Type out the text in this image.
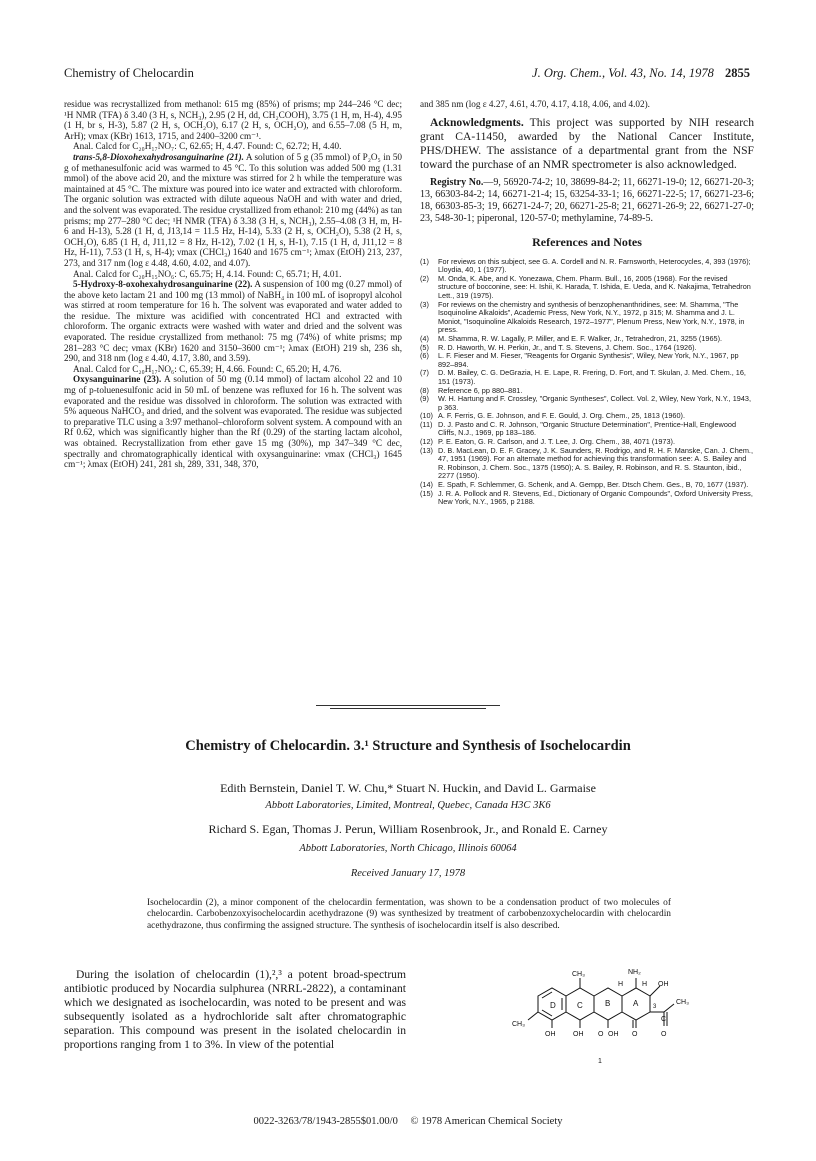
Chemistry of Chelocardin	J. Org. Chem., Vol. 43, No. 14, 1978 2855

residue was recrystallized from methanol: 615 mg (85%) of prisms; mp 244–246 °C dec; ¹H NMR (TFA) δ 3.40 (3 H, s, NCH₃), 2.95 (2 H, dd, CH₂COOH), 3.75 (1 H, m, H-4), 4.95 (1 H, br s, H-3), 5.87 (2 H, s, OCH₂O), 6.17 (2 H, s, OCH₂O), and 6.55–7.08 (5 H, m, ArH); νmax (KBr) 1613, 1715, and 2400–3200 cm⁻¹.

Anal. Calcd for C₂₀H₁₇NO₇: C, 62.65; H, 4.47. Found: C, 62.72; H, 4.40.

trans-5,8-Dioxohexahydrosanguinarine (21). A solution of 5 g (35 mmol) of P₂O₅ in 50 g of methanesulfonic acid was warmed to 45 °C. To this solution was added 500 mg (1.31 mmol) of the above acid 20, and the mixture was stirred for 2 h while the temperature was maintained at 45 °C. The mixture was poured into ice water and extracted with chloroform. The organic solution was extracted with dilute aqueous NaOH and with water and dried, and the solvent was evaporated. The residue crystallized from ethanol: 210 mg (44%) as tan prisms; mp 277–280 °C dec; ¹H NMR (TFA) δ 3.38 (3 H, s, NCH₃), 2.55–4.08 (3 H, m, H-6 and H-13), 5.28 (1 H, d, J13,14 = 11.5 Hz, H-14), 5.33 (2 H, s, OCH₂O), 5.38 (2 H, s, OCH₂O), 6.85 (1 H, d, J11,12 = 8 Hz, H-12), 7.02 (1 H, s, H-1), 7.15 (1 H, d, J11,12 = 8 Hz, H-11), 7.53 (1 H, s, H-4); νmax (CHCl₃) 1640 and 1675 cm⁻¹; λmax (EtOH) 213, 237, 273, and 317 nm (log ε 4.48, 4.60, 4.02, and 4.07).

Anal. Calcd for C₂₀H₁₅NO₆: C, 65.75; H, 4.14. Found: C, 65.71; H, 4.01.

5-Hydroxy-8-oxohexahydrosanguinarine (22). A suspension of 100 mg (0.27 mmol) of the above keto lactam 21 and 100 mg (13 mmol) of NaBH₄ in 100 mL of isopropyl alcohol was stirred at room temperature for 16 h. The solvent was evaporated and water added to the residue. The mixture was acidified with concentrated HCl and extracted with chloroform. The organic extracts were washed with water and dried and the solvent was evaporated. The residue crystallized from methanol: 75 mg (74%) of white prisms; mp 281–283 °C dec; νmax (KBr) 1620 and 3150–3600 cm⁻¹; λmax (EtOH) 219 sh, 236 sh, 290, and 318 nm (log ε 4.40, 4.17, 3.80, and 3.59).

Anal. Calcd for C₂₀H₁₇NO₆: C, 65.39; H, 4.66. Found: C, 65.20; H, 4.76.

Oxysanguinarine (23). A solution of 50 mg (0.14 mmol) of lactam alcohol 22 and 10 mg of p-toluenesulfonic acid in 50 mL of benzene was refluxed for 16 h. The solvent was evaporated and the residue was dissolved in chloroform. The solution was extracted with 5% aqueous NaHCO₃ and dried, and the solvent was evaporated. The residue was subjected to preparative TLC using a 3:97 methanol–chloroform solvent system. A compound with an Rf 0.62, which was significantly higher than the Rf (0.29) of the starting lactam alcohol, was obtained. Recrystallization from ether gave 15 mg (30%), mp 347–349 °C dec, spectrally and chromatographically identical with oxysanguinarine: νmax (CHCl₃) 1645 cm⁻¹; λmax (EtOH) 241, 281 sh, 289, 331, 348, 370,

and 385 nm (log ε 4.27, 4.61, 4.70, 4.17, 4.18, 4.06, and 4.02).

Acknowledgments. This project was supported by NIH research grant CA-11450, awarded by the National Cancer Institute, PHS/DHEW. The assistance of a departmental grant from the NSF toward the purchase of an NMR spectrometer is also acknowledged.

Registry No.—9, 56920-74-2; 10, 38699-84-2; 11, 66271-19-0; 12, 66271-20-3; 13, 66303-84-2; 14, 66271-21-4; 15, 63254-33-1; 16, 66271-22-5; 17, 66271-23-6; 18, 66303-85-3; 19, 66271-24-7; 20, 66271-25-8; 21, 66271-26-9; 22, 66271-27-0; 23, 548-30-1; piperonal, 120-57-0; methylamine, 74-89-5.

References and Notes
(1)	For reviews on this subject, see G. A. Cordell and N. R. Farnsworth, Heterocycles, 4, 393 (1976); Lloydia, 40, 1 (1977).
(2)	M. Onda, K. Abe, and K. Yonezawa, Chem. Pharm. Bull., 16, 2005 (1968). For the revised structure of bocconine, see: H. Ishii, K. Harada, T. Ishida, E. Ueda, and K. Nakajima, Tetrahedron Lett., 319 (1975).
(3)	For reviews on the chemistry and synthesis of benzophenanthridines, see: M. Shamma, "The Isoquinoline Alkaloids", Academic Press, New York, N.Y., 1972, p 315; M. Shamma and J. L. Moniot, "Isoquinoline Alkaloids Research, 1972–1977", Plenum Press, New York, N.Y., 1978, in press.
(4)	M. Shamma, R. W. Lagally, P. Miller, and E. F. Walker, Jr., Tetrahedron, 21, 3255 (1965).
(5)	R. D. Haworth, W. H. Perkin, Jr., and T. S. Stevens, J. Chem. Soc., 1764 (1926).
(6)	L. F. Fieser and M. Fieser, "Reagents for Organic Synthesis", Wiley, New York, N.Y., 1967, pp 892–894.
(7)	D. M. Bailey, C. G. DeGrazia, H. E. Lape, R. Frering, D. Fort, and T. Skulan, J. Med. Chem., 16, 151 (1973).
(8)	Reference 6, pp 880–881.
(9)	W. H. Hartung and F. Crossley, "Organic Syntheses", Collect. Vol. 2, Wiley, New York, N.Y., 1943, p 363.
(10) A. F. Ferris, G. E. Johnson, and F. E. Gould, J. Org. Chem., 25, 1813 (1960).
(11) D. J. Pasto and C. R. Johnson, "Organic Structure Determination", Prentice-Hall, Englewood Cliffs, N.J., 1969, pp 183–186.
(12) P. E. Eaton, G. R. Carlson, and J. T. Lee, J. Org. Chem., 38, 4071 (1973).
(13) D. B. MacLean, D. E. F. Gracey, J. K. Saunders, R. Rodrigo, and R. H. F. Manske, Can. J. Chem., 47, 1951 (1969). For an alternate method for achieving this transformation see: A. S. Bailey and R. Robinson, J. Chem. Soc., 1375 (1950); A. S. Bailey, R. Robinson, and R. S. Staunton, ibid., 2277 (1950).
(14) E. Spath, F. Schlemmer, G. Schenk, and A. Gempp, Ber. Dtsch Chem. Ges., B, 70, 1677 (1937).
(15) J. R. A. Pollock and R. Stevens, Ed., Dictionary of Organic Compounds", Oxford University Press, New York, N.Y., 1965, p 2188.
Chemistry of Chelocardin. 3.¹ Structure and Synthesis of Isochelocardin
Edith Bernstein, Daniel T. W. Chu,* Stuart N. Huckin, and David L. Garmaise
Abbott Laboratories, Limited, Montreal, Quebec, Canada H3C 3K6
Richard S. Egan, Thomas J. Perun, William Rosenbrook, Jr., and Ronald E. Carney
Abbott Laboratories, North Chicago, Illinois 60064
Received January 17, 1978
Isochelocardin (2), a minor component of the chelocardin fermentation, was shown to be a condensation product of two molecules of chelocardin. Carbobenzoxyisochelocardin acethydrazone (9) was synthesized by treatment of carbobenzoxychelocardin with chelocardin acethydrazone, thus confirming the assigned structure. The synthesis of isochelocardin itself is also described.
During the isolation of chelocardin (1),²,³ a potent broad-spectrum antibiotic produced by Nocardia sulphurea (NRRL-2822), a contaminant which we designated as isochelocardin, was noted to be present and was subsequently isolated as a hydrochloride salt after chromatographic separation. This compound was present in the isolated chelocardin in proportions ranging from 1 to 3%. In view of the potential
D	C	B	A
CH₃	NH₂
H	H OH
CH₃
OH	OH O OH O
C
CH₃
O
3
1
0022-3263/78/1943-2855$01.00/0 © 1978 American Chemical Society
